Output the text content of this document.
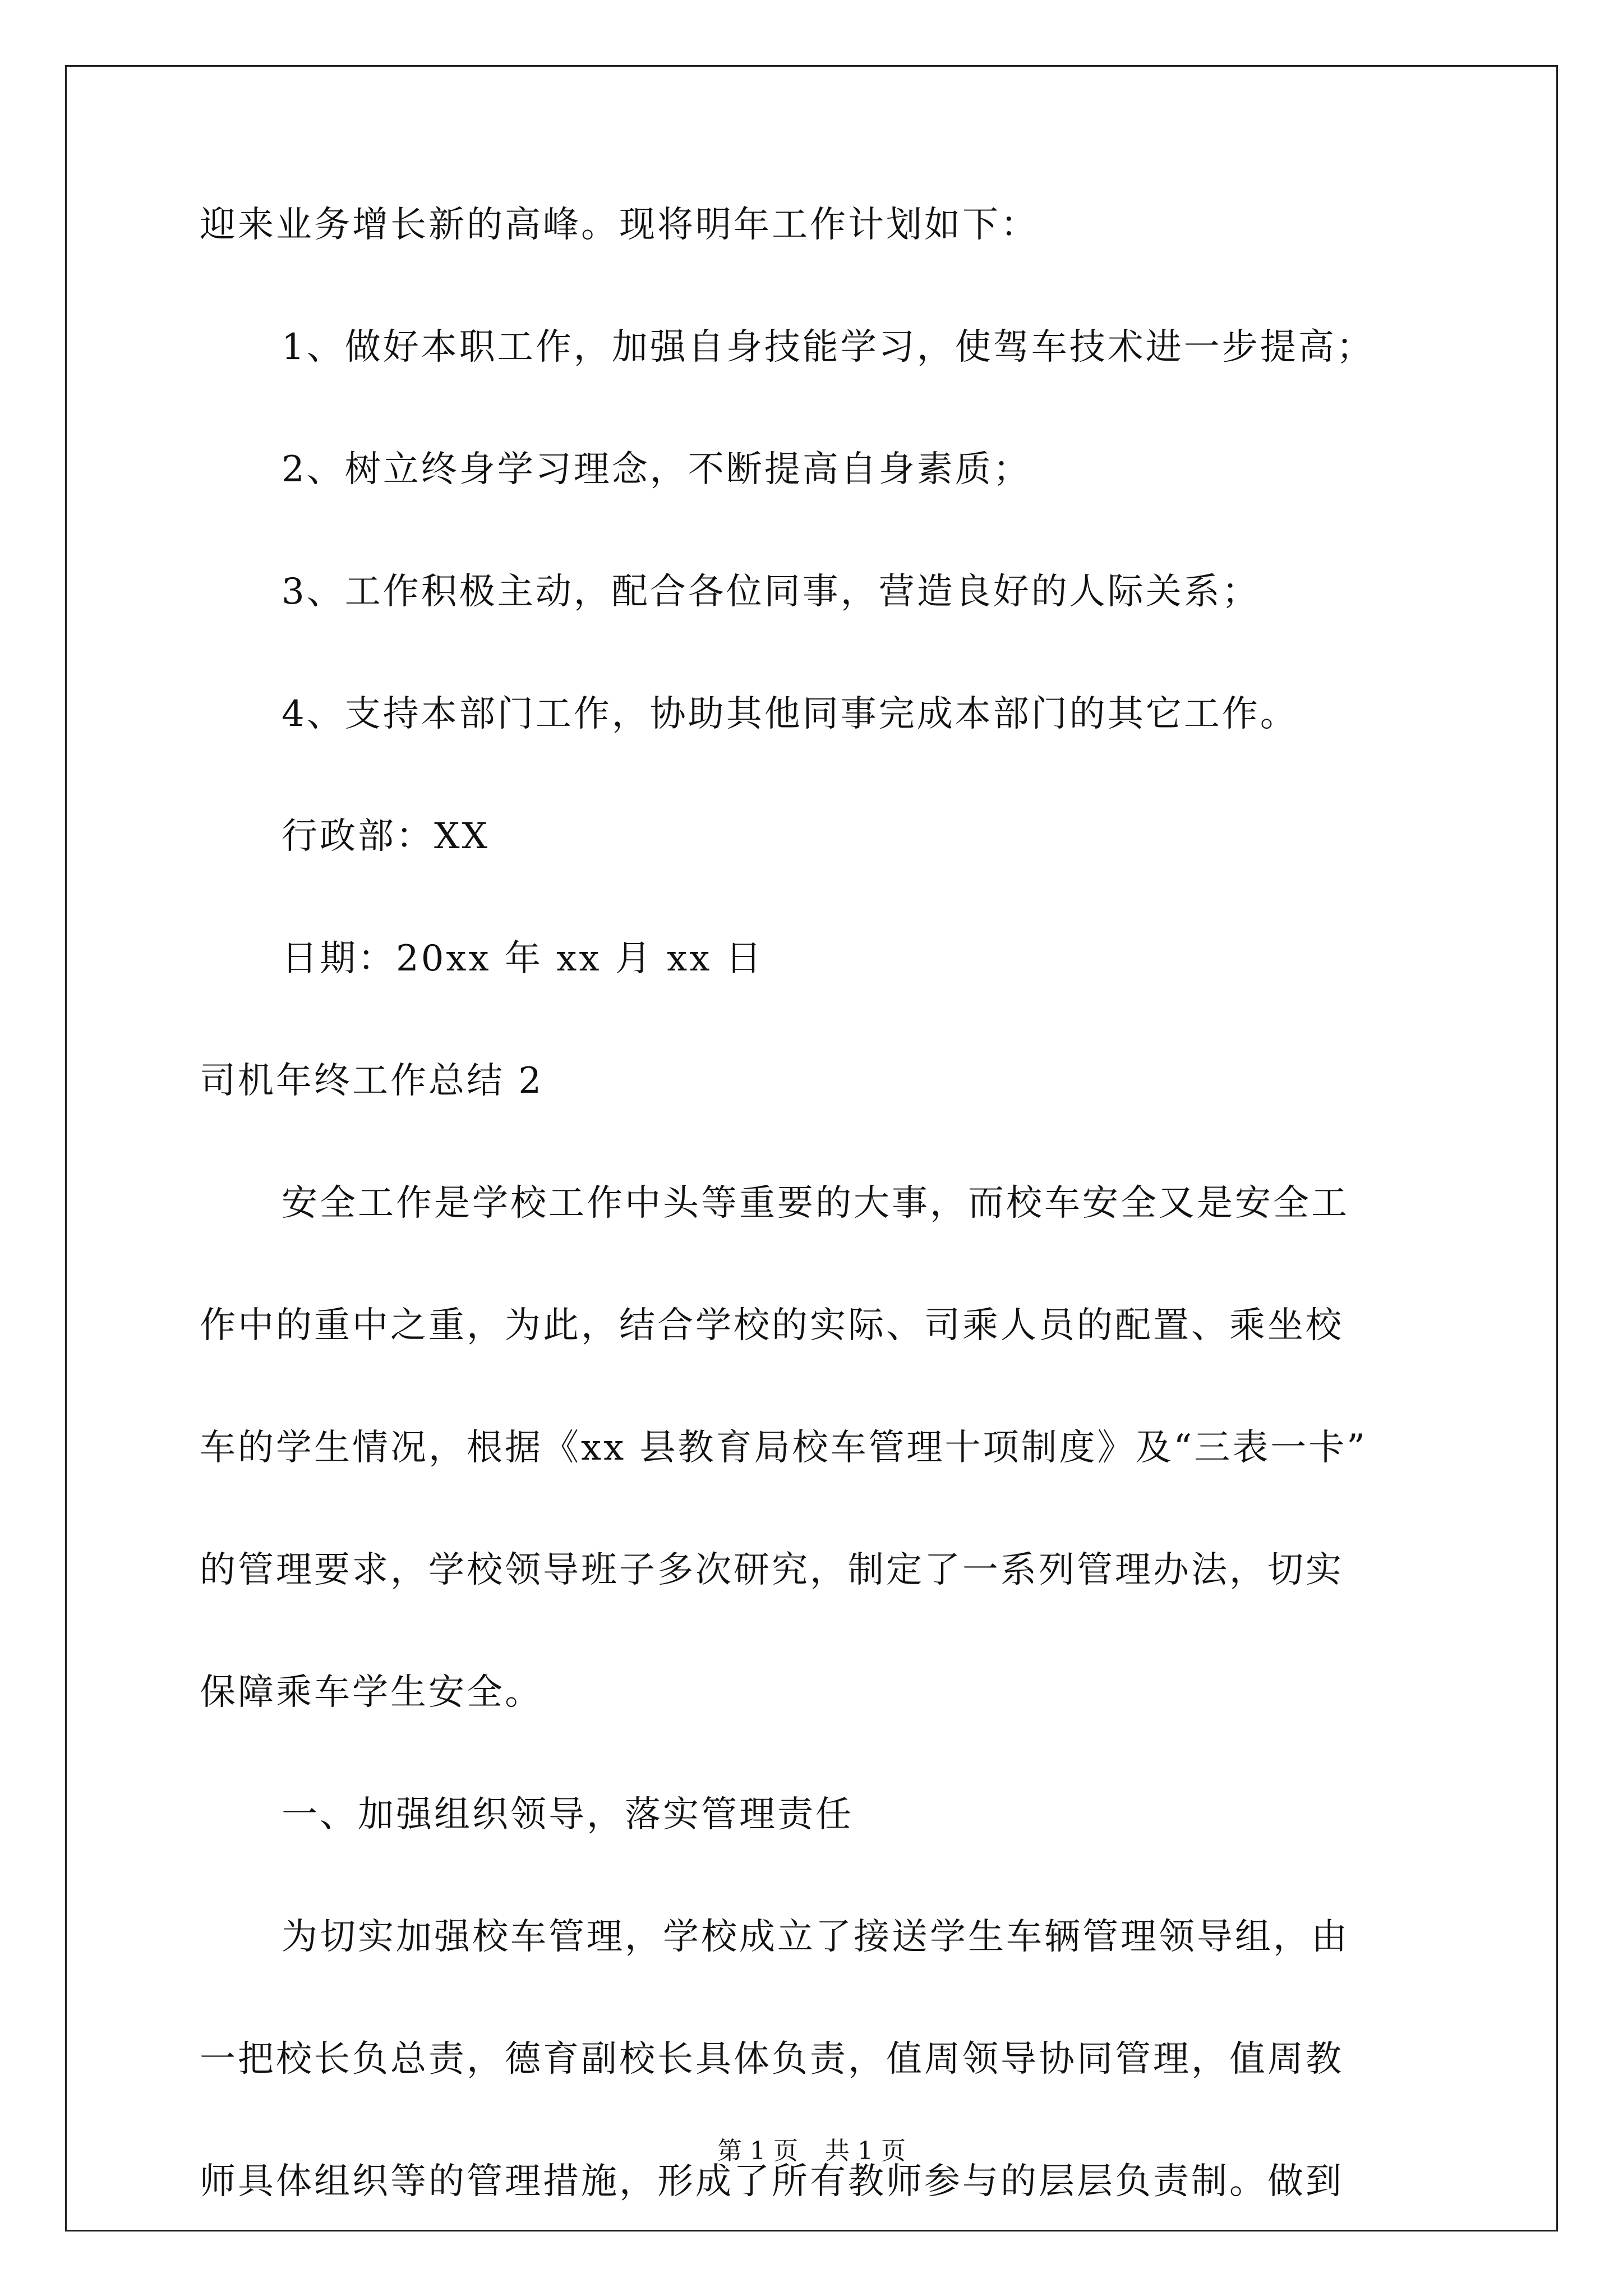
迎来业务增长新的高峰。现将明年工作计划如下：
1、做好本职工作，加强自身技能学习，使驾车技术进一步提高；
2、树立终身学习理念，不断提高自身素质；
3、工作积极主动，配合各位同事，营造良好的人际关系；
4、支持本部门工作，协助其他同事完成本部门的其它工作。
行政部：XX
日期：20xx 年 xx 月 xx 日
司机年终工作总结 2
安全工作是学校工作中头等重要的大事，而校车安全又是安全工
作中的重中之重，为此，结合学校的实际、司乘人员的配置、乘坐校
车的学生情况，根据《xx 县教育局校车管理十项制度》及“三表一卡”
的管理要求，学校领导班子多次研究，制定了一系列管理办法，切实
保障乘车学生安全。
一、加强组织领导，落实管理责任
为切实加强校车管理，学校成立了接送学生车辆管理领导组，由
一把校长负总责，德育副校长具体负责，值周领导协同管理，值周教
师具体组织等的管理措施，形成了所有教师参与的层层负责制。做到
第 1 页 共 1 页
